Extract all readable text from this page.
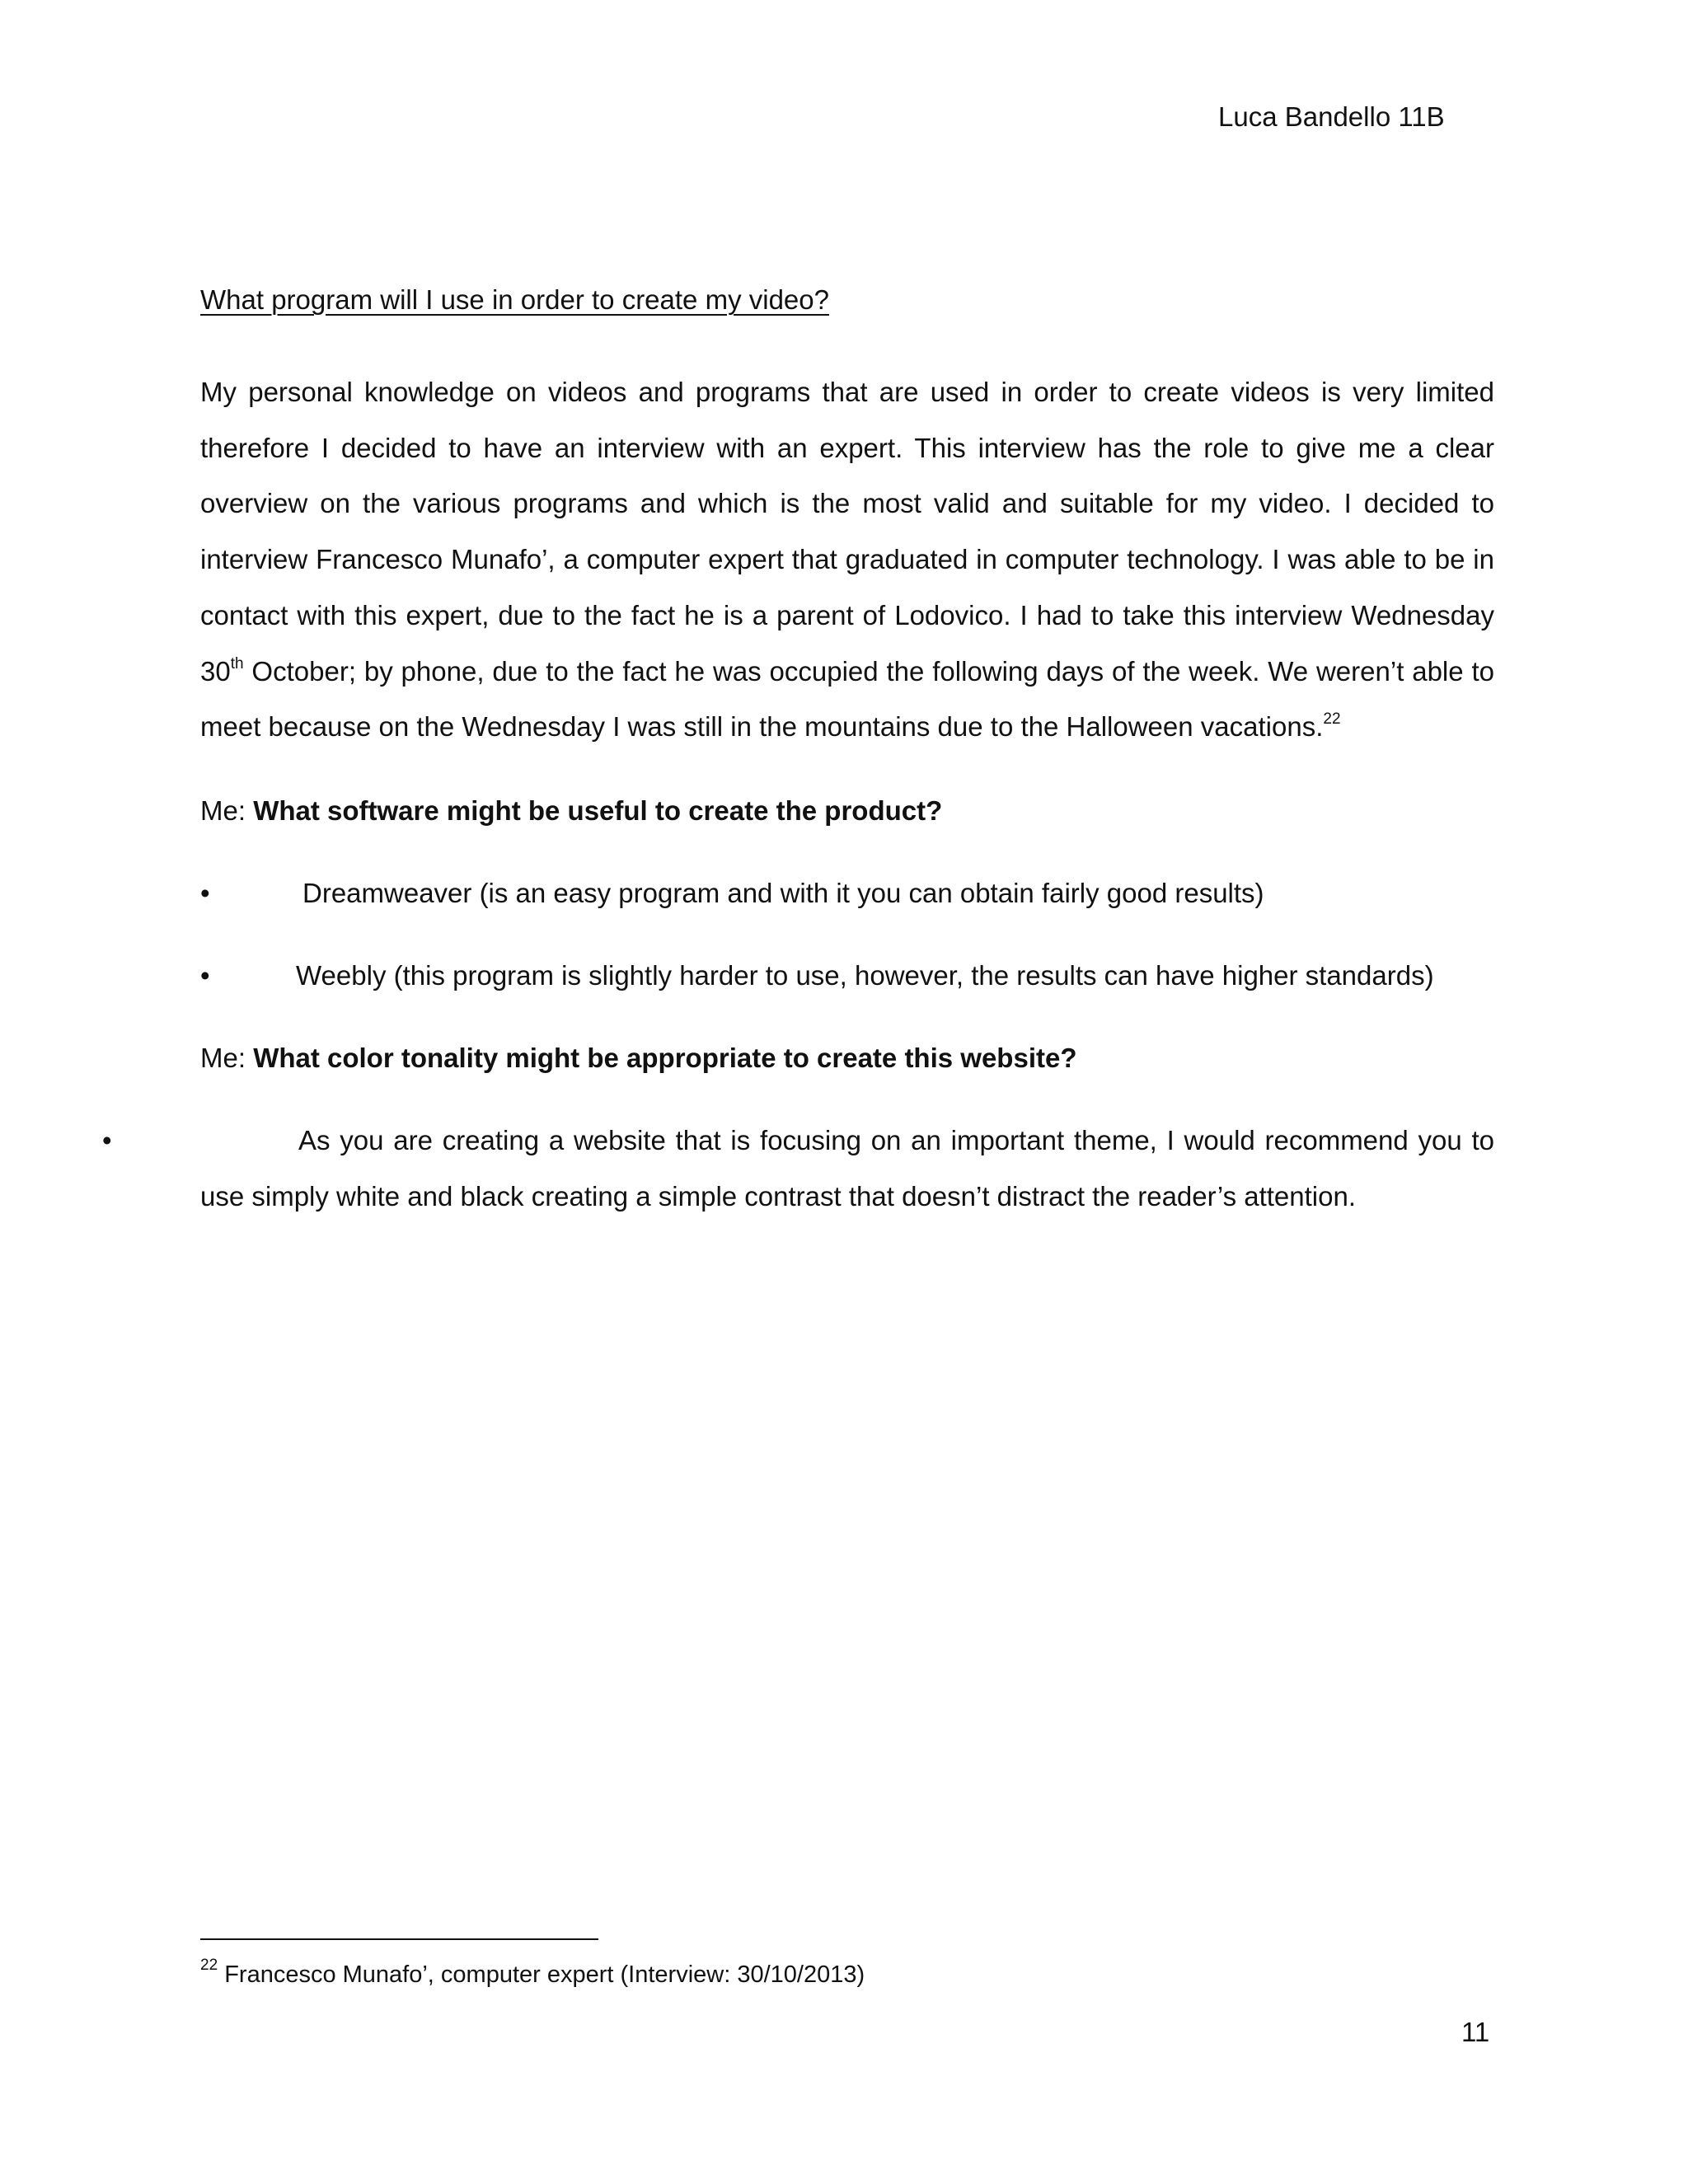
Luca Bandello 11B
What program will I use in order to create my video?

My personal knowledge on videos and programs that are used in order to create videos is very limited therefore I decided to have an interview with an expert. This interview has the role to give me a clear overview on the various programs and which is the most valid and suitable for my video. I decided to interview Francesco Munafo’, a computer expert that graduated in computer technology. I was able to be in contact with this expert, due to the fact he is a parent of Lodovico. I had to take this interview Wednesday 30th October; by phone, due to the fact he was occupied the following days of the week. We weren’t able to meet because on the Wednesday I was still in the mountains due to the Halloween vacations.$^{22}$

Me: What software might be useful to create the product?
•	Dreamweaver (is an easy program and with it you can obtain fairly good results)
•	Weebly (this program is slightly harder to use, however, the results can have higher standards)
Me: What color tonality might be appropriate to create this website?

•	As you are creating a website that is focusing on an important theme, I would recommend you to use simply white and black creating a simple contrast that doesn’t distract the reader’s attention.

$^{22}$ Francesco Munafo’, computer expert (Interview: 30/10/2013)
11
